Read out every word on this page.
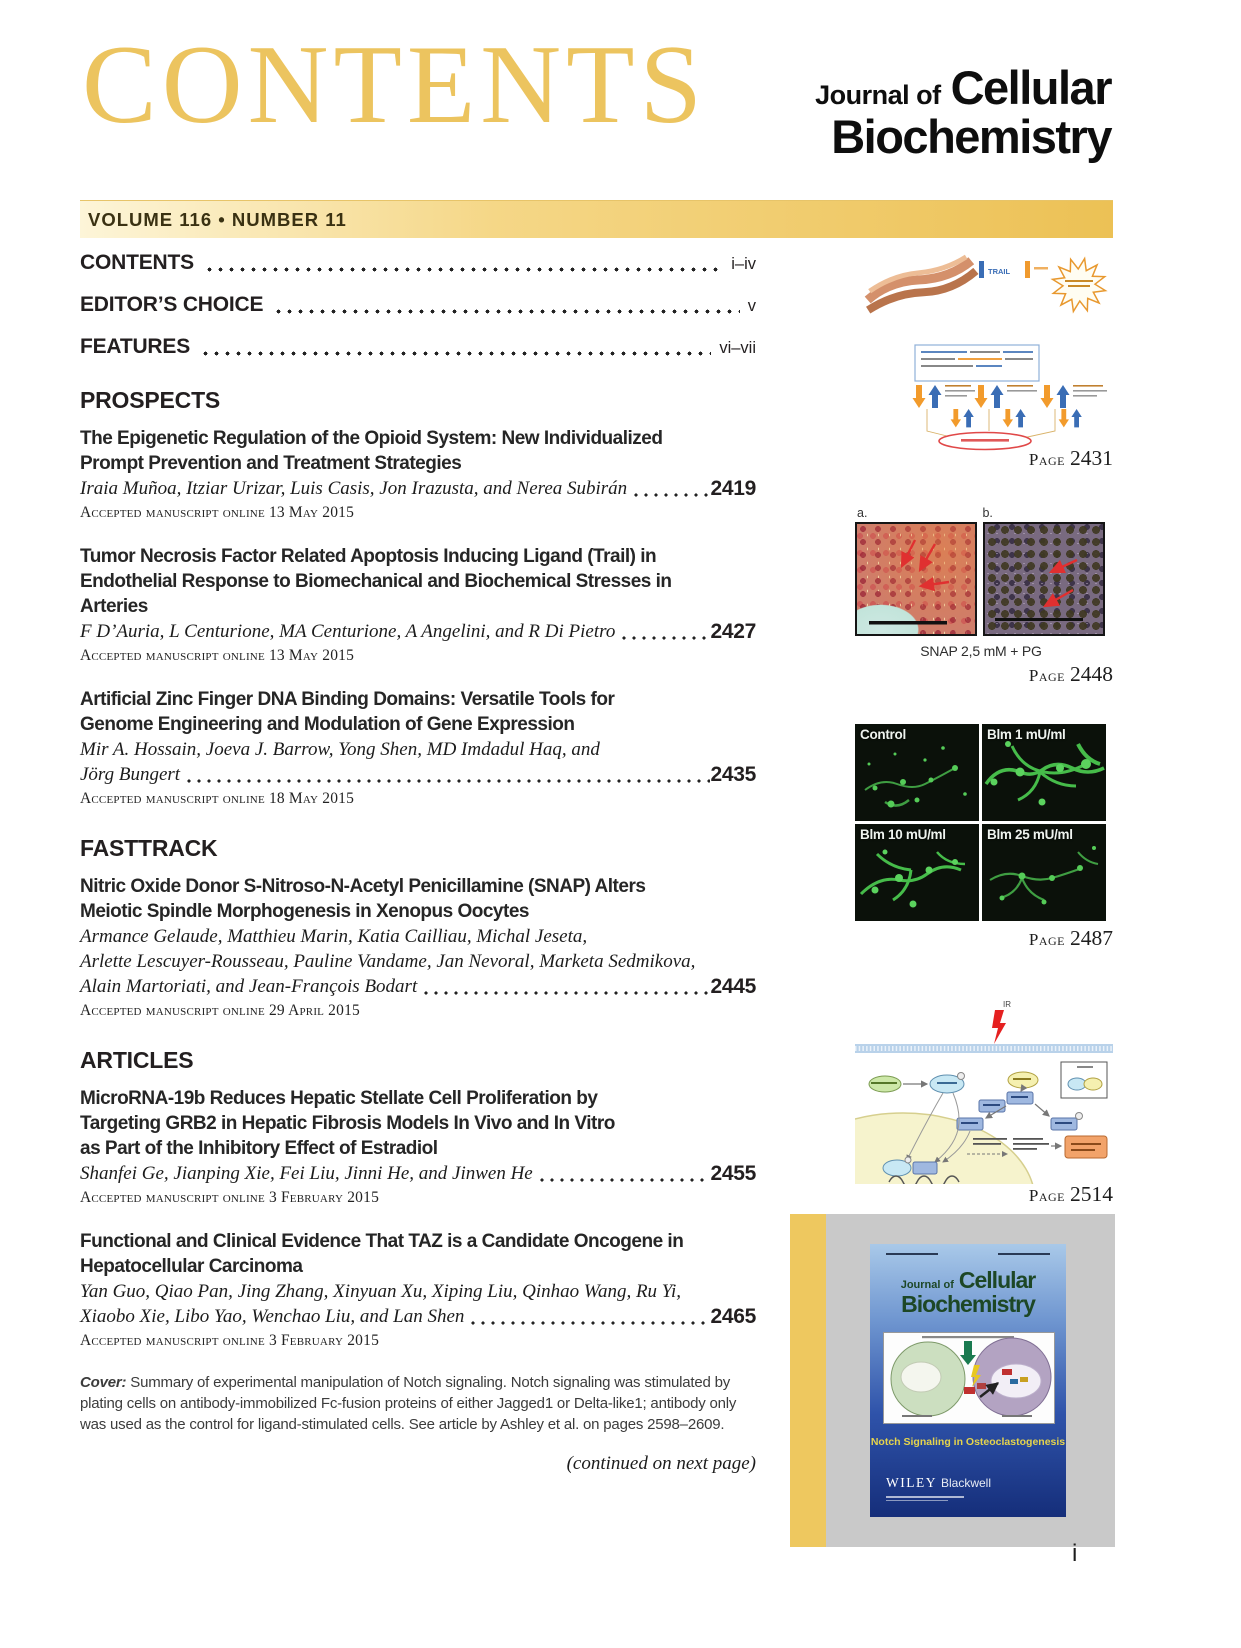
CONTENTS	Journal of Cellular
Biochemistry
VOLUME 116 • NUMBER 11
CONTENTS	i–iv
EDITOR’S CHOICE	v
FEATURES	vi–vii
PROSPECTS
The Epigenetic Regulation of the Opioid System: New Individualized
Prompt Prevention and Treatment Strategies
Iraia Muñoa, Itziar Urizar, Luis Casis, Jon Irazusta, and Nerea Subirán	2419
Accepted manuscript online 13 May 2015
Tumor Necrosis Factor Related Apoptosis Inducing Ligand (Trail) in
Endothelial Response to Biomechanical and Biochemical Stresses in
Arteries
F D’Auria, L Centurione, MA Centurione, A Angelini, and R Di Pietro	2427
Accepted manuscript online 13 May 2015
Artificial Zinc Finger DNA Binding Domains: Versatile Tools for
Genome Engineering and Modulation of Gene Expression
Mir A. Hossain, Joeva J. Barrow, Yong Shen, MD Imdadul Haq, and
Jörg Bungert	2435
Accepted manuscript online 18 May 2015
FASTTRACK
Nitric Oxide Donor S-Nitroso-N-Acetyl Penicillamine (SNAP) Alters
Meiotic Spindle Morphogenesis in Xenopus Oocytes
Armance Gelaude, Matthieu Marin, Katia Cailliau, Michal Jeseta,
Arlette Lescuyer-Rousseau, Pauline Vandame, Jan Nevoral, Marketa Sedmikova,
Alain Martoriati, and Jean-François Bodart	2445
Accepted manuscript online 29 April 2015
ARTICLES
MicroRNA-19b Reduces Hepatic Stellate Cell Proliferation by
Targeting GRB2 in Hepatic Fibrosis Models In Vivo and In Vitro
as Part of the Inhibitory Effect of Estradiol
Shanfei Ge, Jianping Xie, Fei Liu, Jinni He, and Jinwen He	2455
Accepted manuscript online 3 February 2015
Functional and Clinical Evidence That TAZ is a Candidate Oncogene in
Hepatocellular Carcinoma
Yan Guo, Qiao Pan, Jing Zhang, Xinyuan Xu, Xiping Liu, Qinhao Wang, Ru Yi,
Xiaobo Xie, Libo Yao, Wenchao Liu, and Lan Shen	2465
Accepted manuscript online 3 February 2015
Cover: Summary of experimental manipulation of Notch signaling. Notch signaling was stimulated by plating cells on antibody-immobilized Fc-fusion proteins of either Jagged1 or Delta-like1; antibody only was used as the control for ligand-stimulated cells. See article by Ashley et al. on pages 2598–2609.
(continued on next page)
TRAIL
Page 2431
a.	b.
SNAP 2,5 mM + PG
Page 2448
Control	Blm 1 mU/ml
Blm 10 mU/ml	Blm 25 mU/ml
Page 2487
IR
Page 2514
Journal of Cellular
Biochemistry
Notch Signaling in Osteoclastogenesis
WILEY Blackwell
i
